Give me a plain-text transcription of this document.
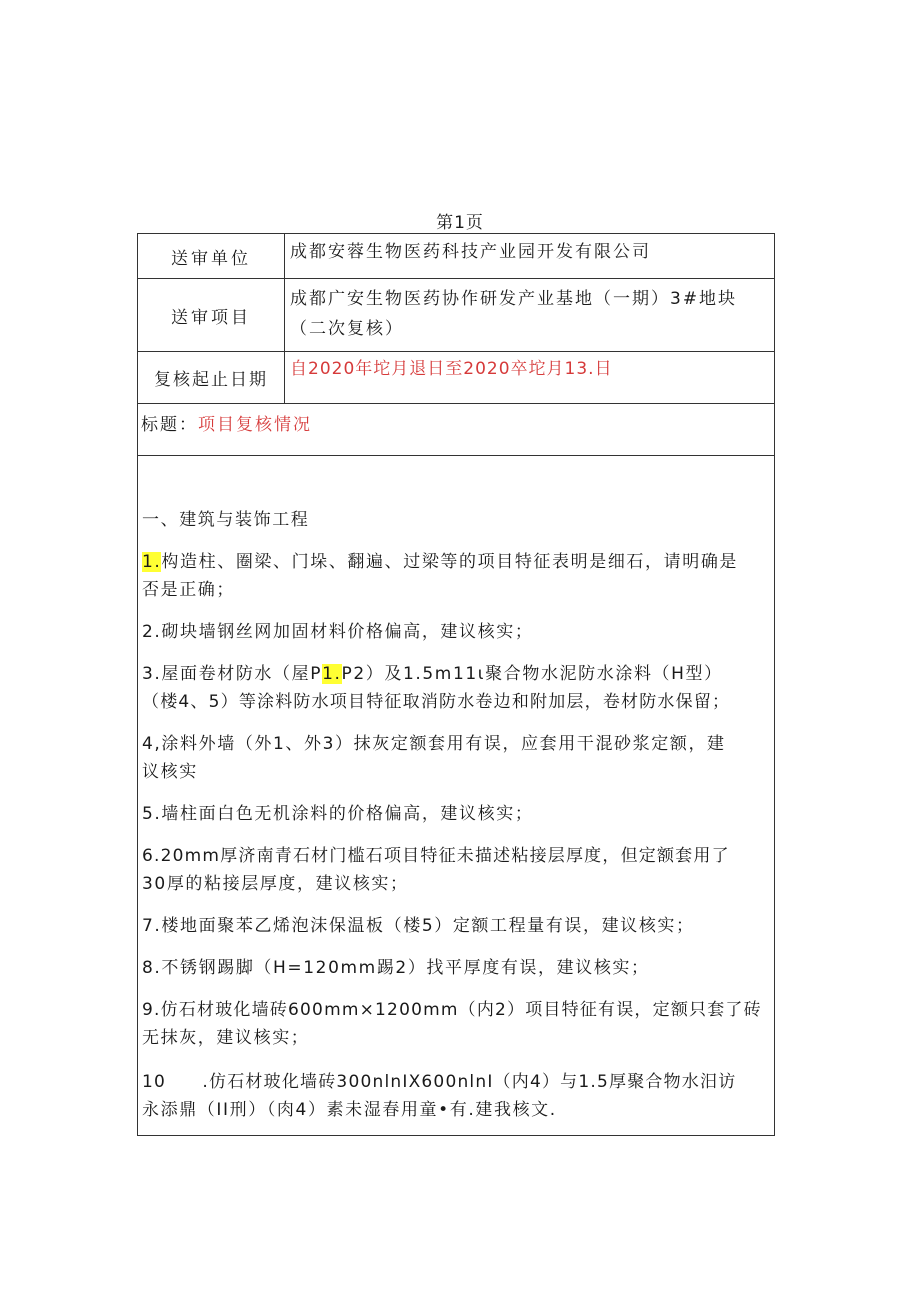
第1页
送审单位	成都安蓉生物医药科技产业园开发有限公司
送审项目
成都广安生物医药协作研发产业基地（一期）3#地块
（二次复核）
复核起止日期
自2020年坨月退日至2020卒坨月13.日
标题：项目复核情况

一、建筑与装饰工程

1.构造柱、圈梁、门垛、翻遍、过梁等的项目特征表明是细石，请明确是

否是正确；

2.砌块墙钢丝网加固材料价格偏高，建议核实；

3.屋面卷材防水（屋P1.P2）及1.5m11ι聚合物水泥防水涂料（H型）

（楼4、5）等涂料防水项目特征取消防水卷边和附加层，卷材防水保留；

4,涂料外墙（外1、外3）抹灰定额套用有误，应套用干混砂浆定额，建

议核实

5.墙柱面白色无机涂料的价格偏高，建议核实；

6.20mm厚济南青石材门槛石项目特征未描述粘接层厚度，但定额套用了

30厚的粘接层厚度，建议核实；

7.楼地面聚苯乙烯泡沫保温板（楼5）定额工程量有误，建议核实；

8.不锈钢踢脚（H=120mm踢2）找平厚度有误，建议核实；

9.仿石材玻化墙砖600mm×1200mm（内2）项目特征有误，定额只套了砖

无抹灰，建议核实；

10　　.仿石材玻化墙砖300nlnIX600nlnI（内4）与1.5厚聚合物水汨访

永添鼎（II刑）（肉4）素未湿春用童•有.建我核文.
